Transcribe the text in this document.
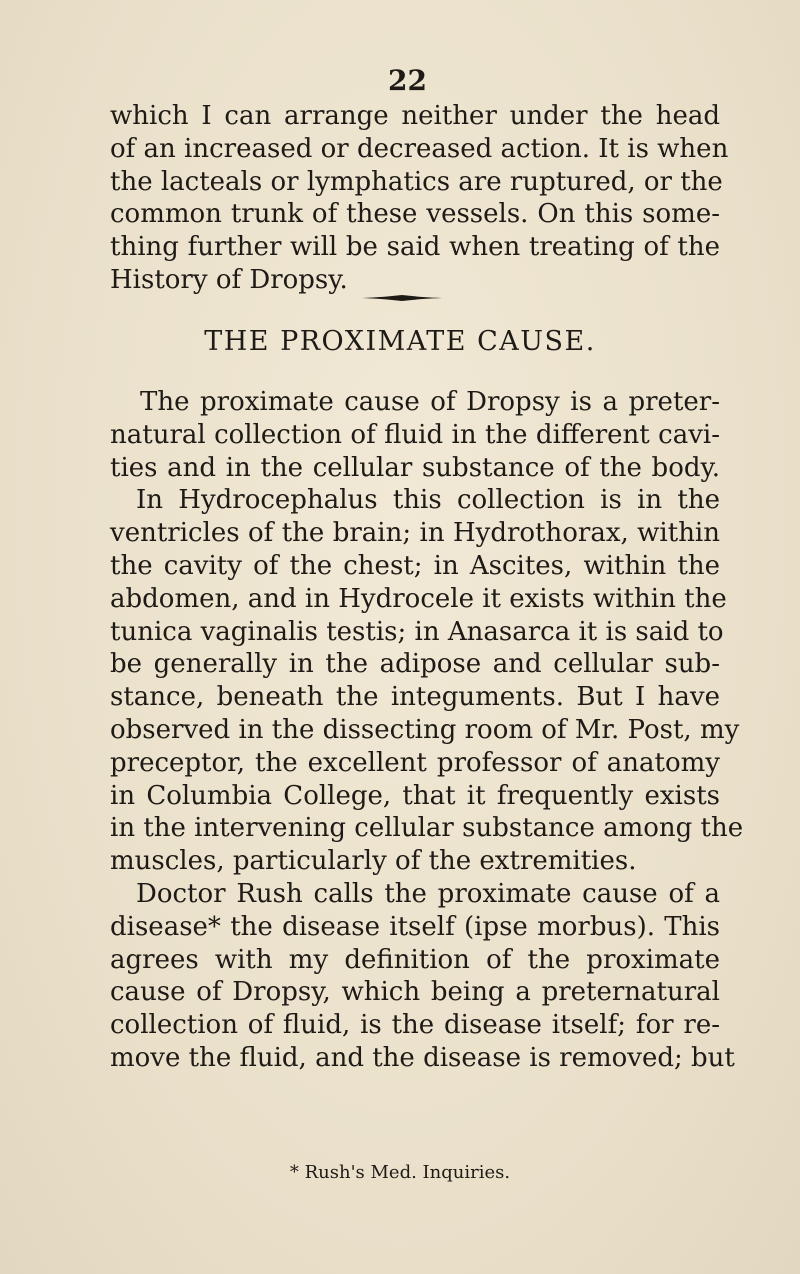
22
which I can arrange neither under the head
of an increased or decreased action. It is when
the lacteals or lymphatics are ruptured, or the
common trunk of these vessels. On this some-
thing further will be said when treating of the
History of Dropsy.
THE PROXIMATE CAUSE.
The proximate cause of Dropsy is a preter-
natural collection of fluid in the different cavi-
ties and in the cellular substance of the body.
In Hydrocephalus this collection is in the
ventricles of the brain; in Hydrothorax, within
the cavity of the chest; in Ascites, within the
abdomen, and in Hydrocele it exists within the
tunica vaginalis testis; in Anasarca it is said to
be generally in the adipose and cellular sub-
stance, beneath the integuments. But I have
observed in the dissecting room of Mr. Post, my
preceptor, the excellent professor of anatomy
in Columbia College, that it frequently exists
in the intervening cellular substance among the
muscles, particularly of the extremities.
Doctor Rush calls the proximate cause of a
disease* the disease itself (ipse morbus). This
agrees with my definition of the proximate
cause of Dropsy, which being a preternatural
collection of fluid, is the disease itself; for re-
move the fluid, and the disease is removed; but
* Rush's Med. Inquiries.
